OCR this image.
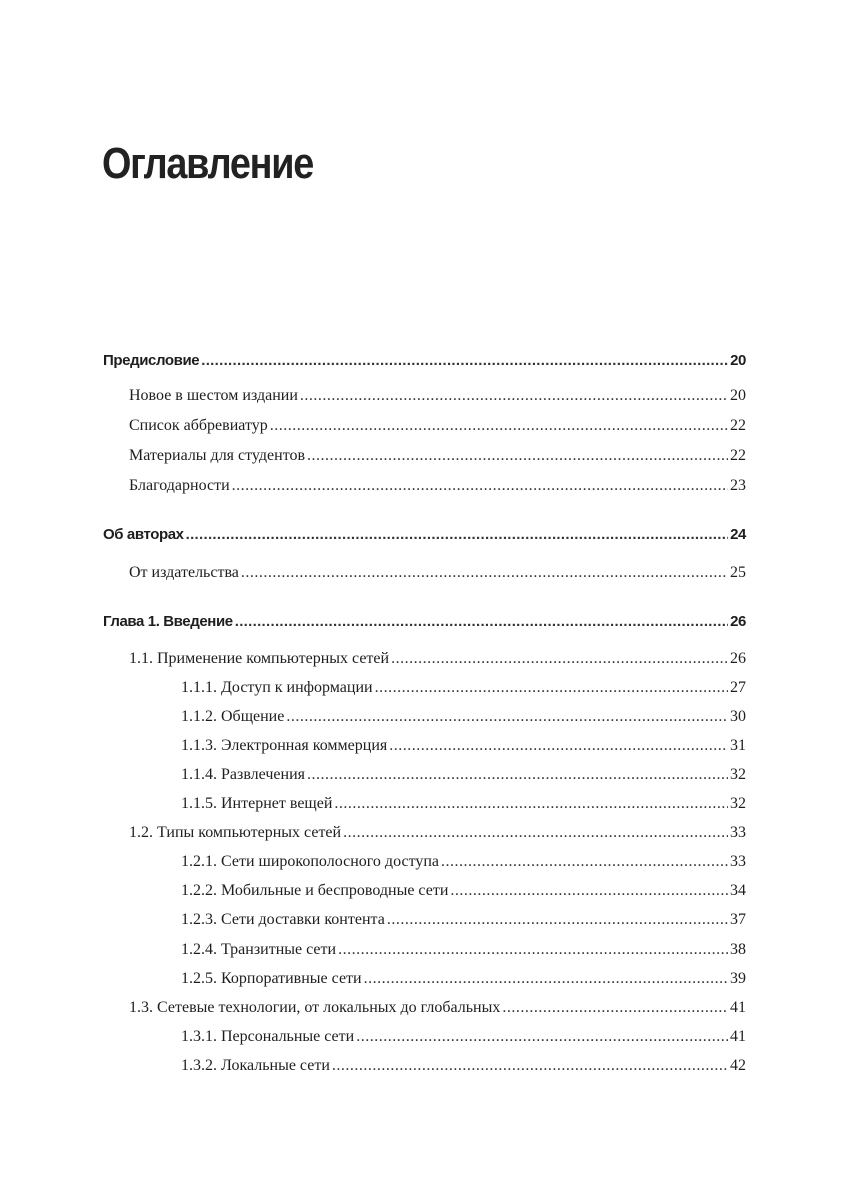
Оглавление
Предисловие .....	20
Новое в шестом издании .....	20
Список аббревиатур .....	22
Материалы для студентов .....	22
Благодарности .....	23
Об авторах .....	24
От издательства .....	25
Глава 1. Введение .....	26
1.1. Применение компьютерных сетей .....	26
1.1.1. Доступ к информации .....	27
1.1.2. Общение .....	30
1.1.3. Электронная коммерция .....	31
1.1.4. Развлечения .....	32
1.1.5. Интернет вещей .....	32
1.2. Типы компьютерных сетей .....	33
1.2.1. Сети широкополосного доступа .....	33
1.2.2. Мобильные и беспроводные сети .....	34
1.2.3. Сети доставки контента .....	37
1.2.4. Транзитные сети .....	38
1.2.5. Корпоративные сети .....	39
1.3. Сетевые технологии, от локальных до глобальных .....	41
1.3.1. Персональные сети .....	41
1.3.2. Локальные сети .....	42
